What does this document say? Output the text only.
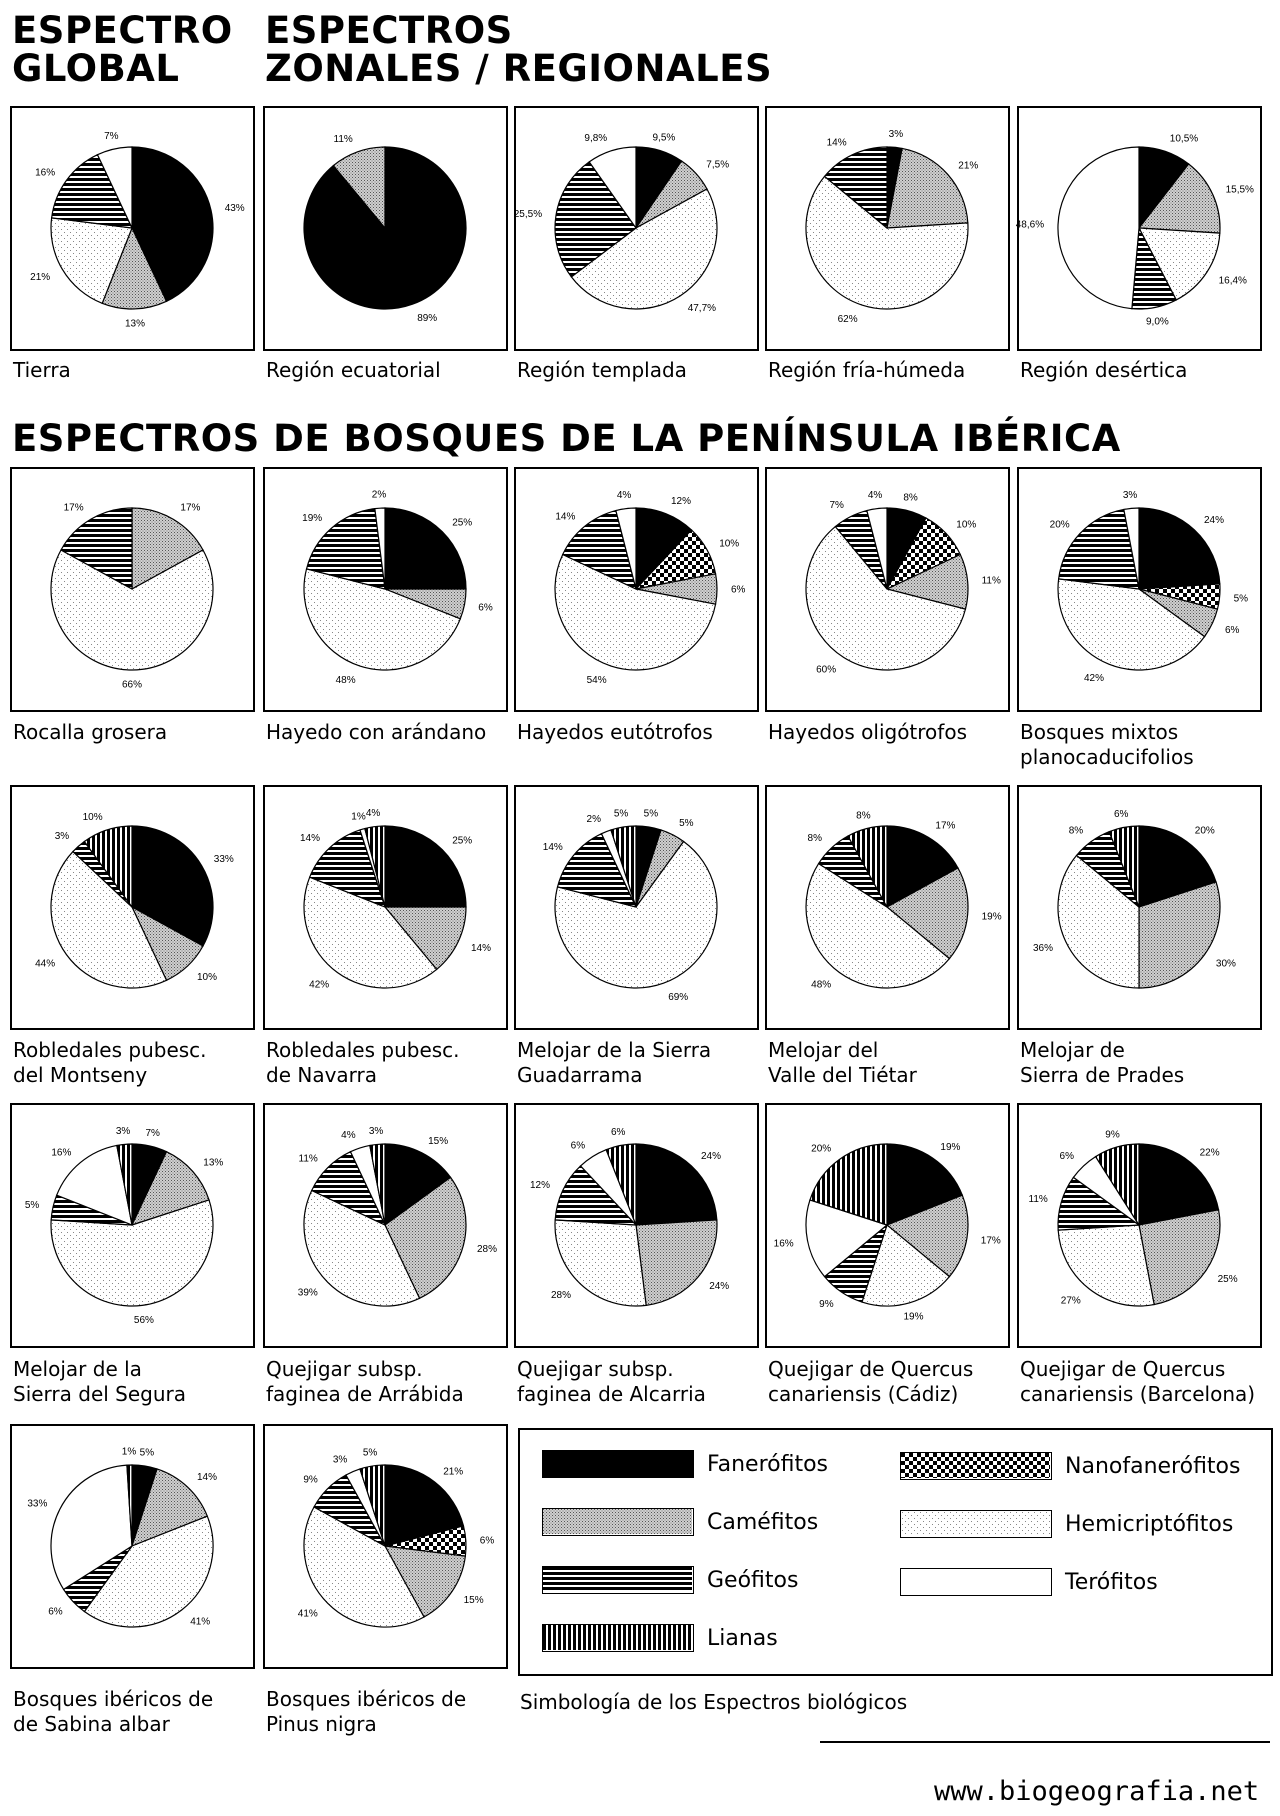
ESPECTRO
GLOBAL
ESPECTROS
ZONALES / REGIONALES
ESPECTROS DE BOSQUES DE LA PENÍNSULA IBÉRICA
43%
13%
21%
16%
7%
Tierra
89%
11%
Región ecuatorial
9,5%
7,5%
47,7%
25,5%
9,8%
Región templada
3%
21%
62%
14%
Región fría-húmeda
10,5%
15,5%
16,4%
9,0%
48,6%
Región desértica
17%
66%
17%
Rocalla grosera
25%
6%
48%
19%
2%
Hayedo con arándano
12%
10%
6%
54%
14%
4%
Hayedos eutótrofos
8%
10%
11%
60%
7%
4%
Hayedos oligótrofos
24%
5%
6%
42%
20%
3%
Bosques mixtos
planocaducifolios
33%
10%
44%
3%
10%
Robledales pubesc.
del Montseny
25%
14%
42%
14%
1% 4%
Robledales pubesc.
de Navarra
5%
5%
69%
14%
2% 5%
Melojar de la Sierra
Guadarrama
17%
19%
48%
8%
8%
Melojar del
Valle del Tiétar
20%
30%
36%
8%
6%
Melojar de
Sierra de Prades
7%
13%
56%
5%
16%
3%
Melojar de la
Sierra del Segura
15%
28%
39%
11%
4% 3%
Quejigar subsp.
faginea de Arrábida
24%
24%
28%
12%
6%
6%
Quejigar subsp.
faginea de Alcarria
19%
17%
19%
9%
16%
20%
Quejigar de Quercus
canariensis (Cádiz)
22%
25%
27%
11%
6%
9%
Quejigar de Quercus
canariensis (Barcelona)
5%
14%
41%
6%
33%
1%
Bosques ibéricos de
de Sabina albar
21%
6%
15%
41%
9%
3%
5%
Bosques ibéricos de
Pinus nigra
Fanerófitos
Caméfitos
Geófitos
Lianas
Nanofanerófitos
Hemicriptófitos
Terófitos
Simbología de los Espectros biológicos
www.biogeografia.net
